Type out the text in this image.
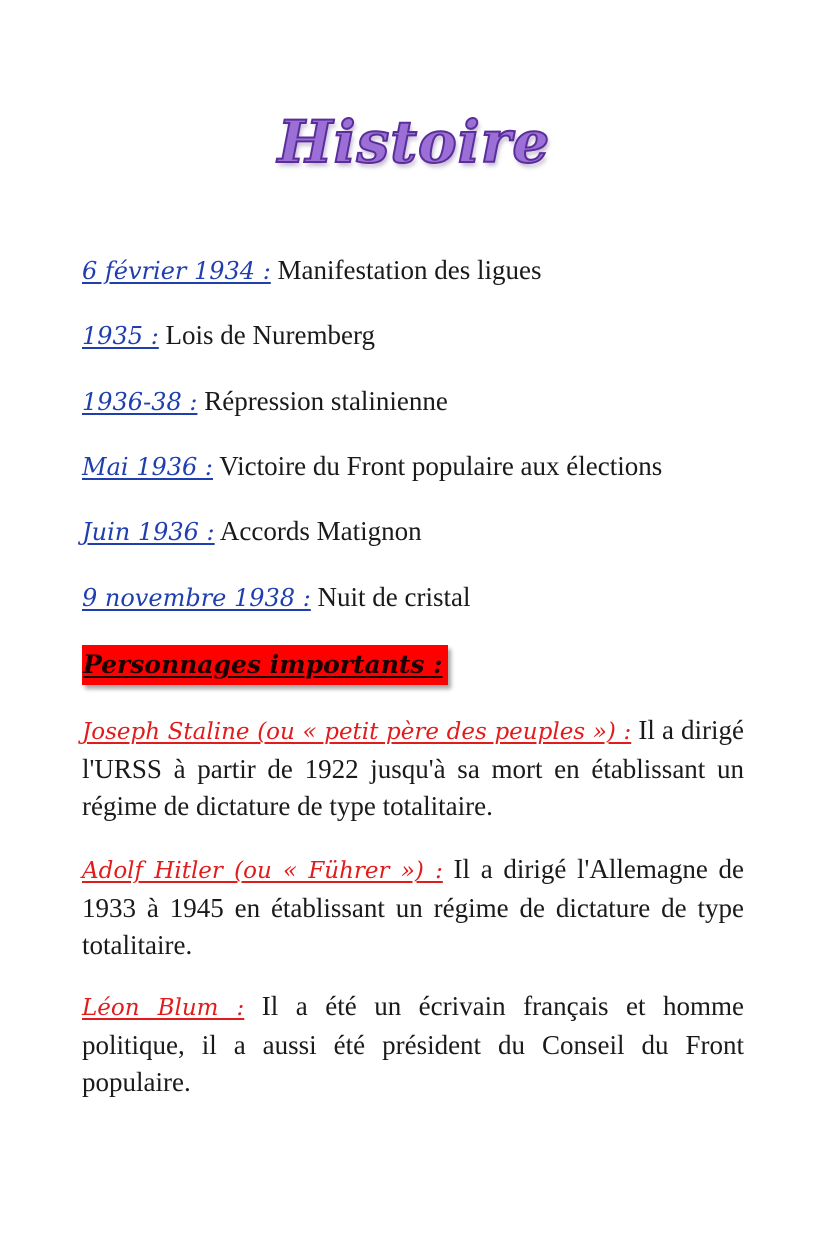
Histoire
6 février 1934 : Manifestation des ligues
1935 : Lois de Nuremberg
1936-38 : Répression stalinienne
Mai 1936 : Victoire du Front populaire aux élections
Juin 1936 : Accords Matignon
9 novembre 1938 : Nuit de cristal
Personnages importants :
Joseph Staline (ou « petit père des peuples ») : Il a dirigé l'URSS à partir de 1922 jusqu'à sa mort en établissant un régime de dictature de type totalitaire.
Adolf Hitler (ou « Führer ») : Il a dirigé l'Allemagne de 1933 à 1945 en établissant un régime de dictature de type totalitaire.
Léon Blum : Il a été un écrivain français et homme politique, il a aussi été président du Conseil du Front populaire.
